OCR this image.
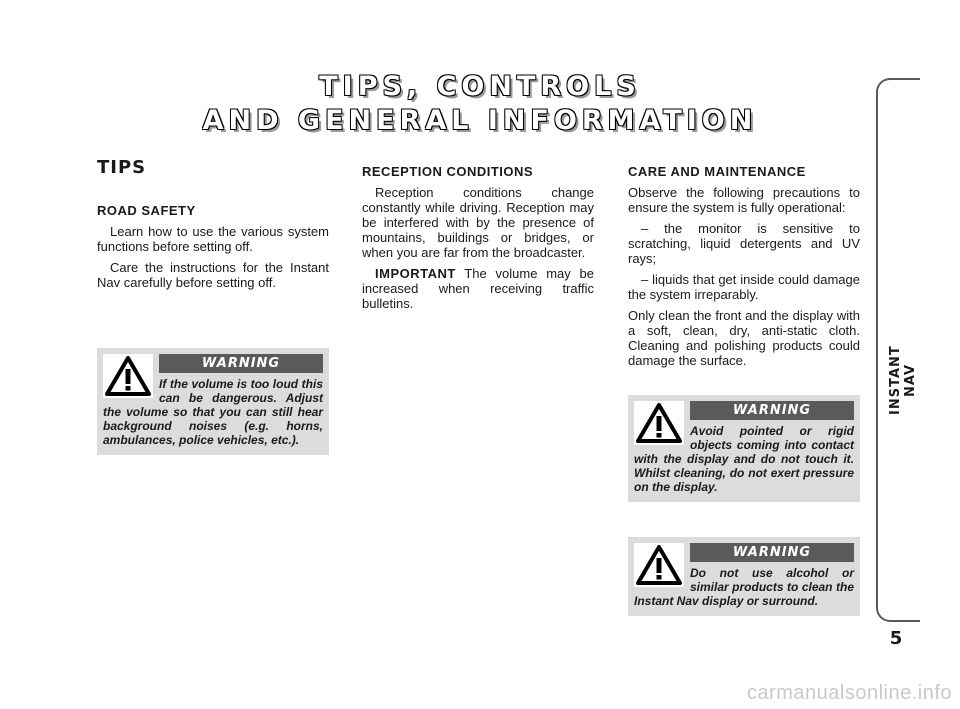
TIPS, CONTROLS
AND GENERAL INFORMATION
TIPS
ROAD SAFETY

Learn how to use the various system functions before setting off.

Care the instructions for the Instant Nav carefully before setting off.

WARNING

If the volume is too loud this can be dangerous. Adjust the volume so that you can still hear background noises (e.g. horns, ambulances, police vehicles, etc.).

RECEPTION CONDITIONS

Reception conditions change constantly while driving. Reception may be interfered with by the presence of mountains, buildings or bridges, or when you are far from the broadcaster.

IMPORTANT The volume may be increased when receiving traffic bulletins.

CARE AND MAINTENANCE

Observe the following precautions to ensure the system is fully operational:

– the monitor is sensitive to scratching, liquid detergents and UV rays;

– liquids that get inside could damage the system irreparably.

Only clean the front and the display with a soft, clean, dry, anti-static cloth. Cleaning and polishing products could damage the surface.

WARNING

Avoid pointed or rigid objects coming into contact with the display and do not touch it. Whilst cleaning, do not exert pressure on the display.

WARNING

Do not use alcohol or similar products to clean the Instant Nav display or surround.

INSTANT NAV
5
carmanualsonline.info
